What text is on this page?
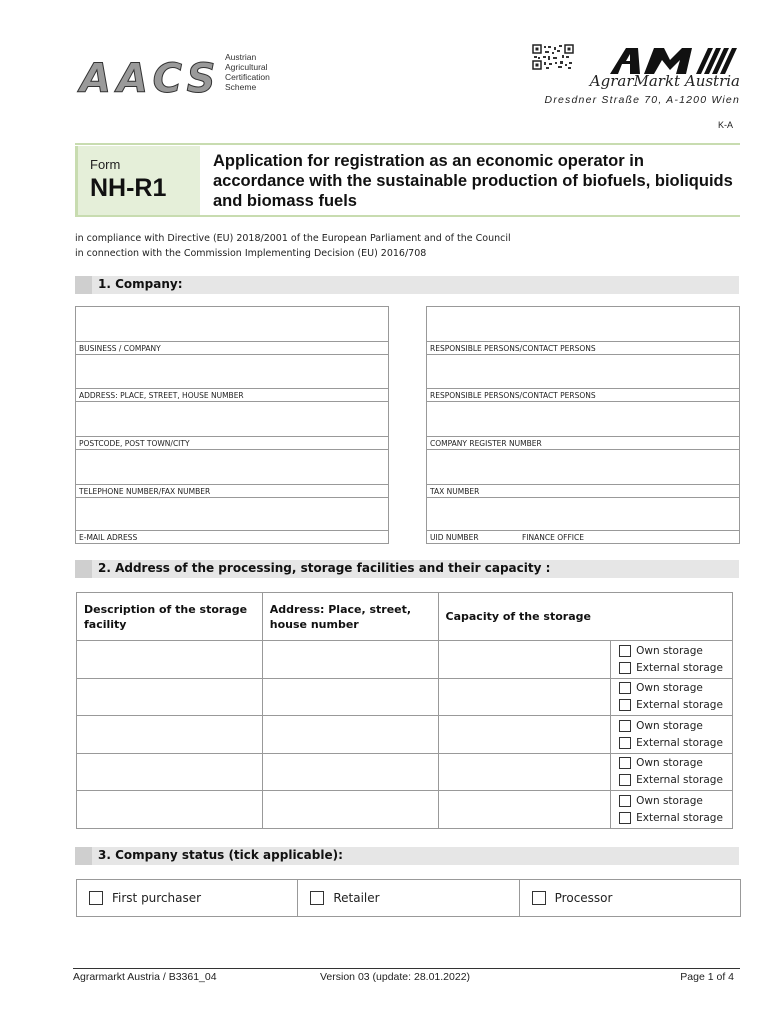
AACS Austrian
Agricultural
Certification
Scheme	AgrarMarkt Austria
Dresdner Straße 70, A-1200 Wien
K-A
Form
NH-R1
Application for registration as an economic operator in accordance with the sustainable production of biofuels, bioliquids and biomass fuels
in compliance with Directive (EU) 2018/2001 of the European Parliament and of the Council
in connection with the Commission Implementing Decision (EU) 2016/708
1. Company:
BUSINESS / COMPANY
ADDRESS: PLACE, STREET, HOUSE NUMBER
POSTCODE, POST TOWN/CITY
TELEPHONE NUMBER/FAX NUMBER
E-MAIL ADRESS
RESPONSIBLE PERSONS/CONTACT PERSONS
RESPONSIBLE PERSONS/CONTACT PERSONS
COMPANY REGISTER NUMBER
TAX NUMBER
UID NUMBER	FINANCE OFFICE
2. Address of the processing, storage facilities and their capacity :
Description of the storage facility	Address: Place, street, house number	Capacity of the storage	

			Own storage
External storage

			Own storage
External storage

			Own storage
External storage

			Own storage
External storage

			Own storage
External storage
3. Company status (tick applicable):
First purchaser	Retailer	Processor
Agrarmarkt Austria / B3361_04	Version 03 (update: 28.01.2022)	Page 1 of 4
